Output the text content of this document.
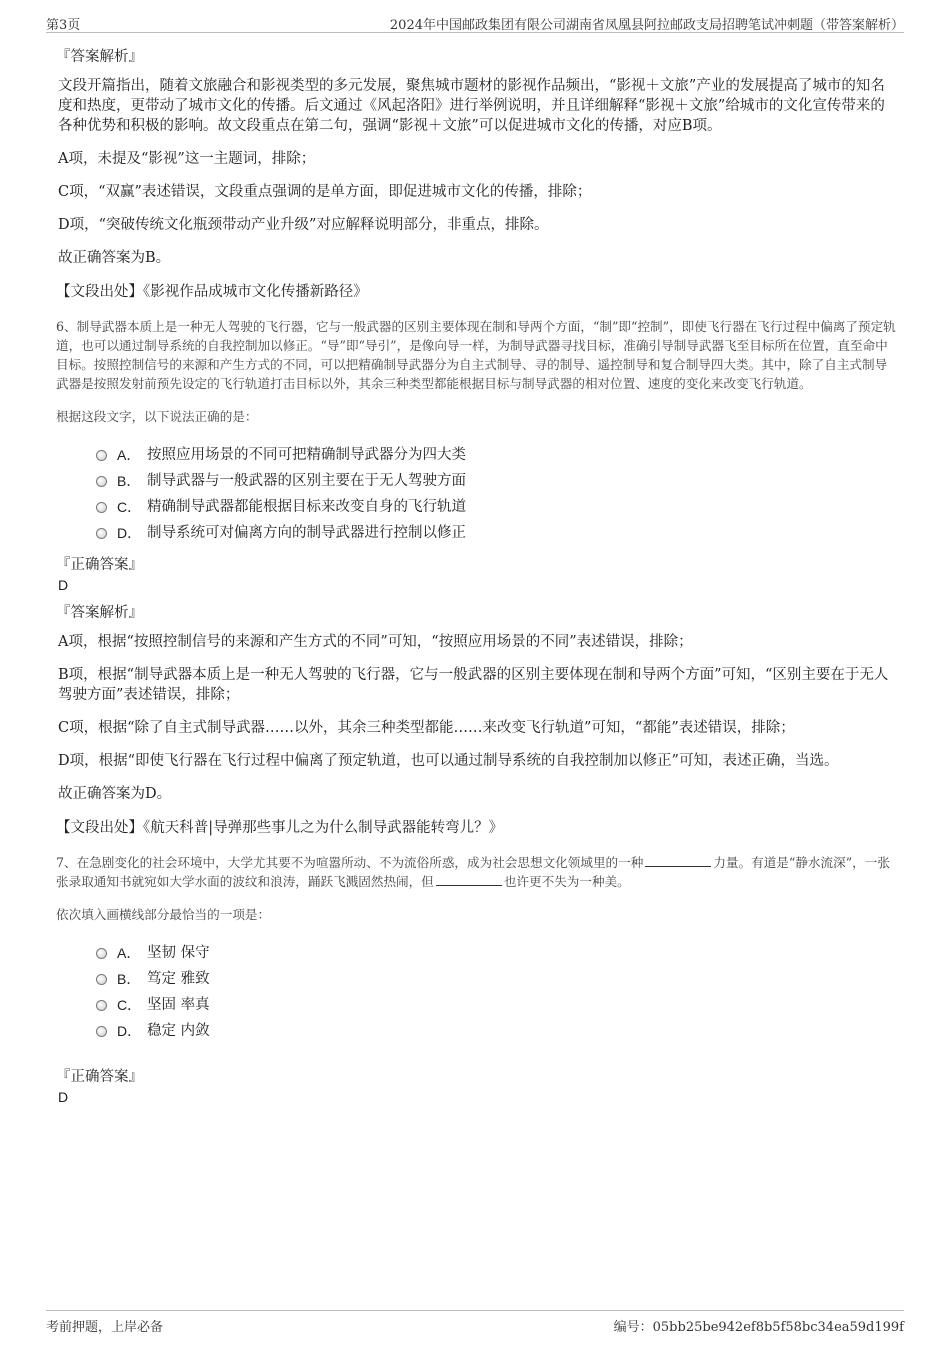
第3页	2024年中国邮政集团有限公司湖南省凤凰县阿拉邮政支局招聘笔试冲刺题（带答案解析）
『答案解析』

文段开篇指出，随着文旅融合和影视类型的多元发展，聚焦城市题材的影视作品频出，“影视＋文旅”产业的发展提高了城市的知名度和热度，更带动了城市文化的传播。后文通过《风起洛阳》进行举例说明，并且详细解释“影视＋文旅”给城市的文化宣传带来的各种优势和积极的影响。故文段重点在第二句，强调“影视＋文旅”可以促进城市文化的传播，对应B项。

A项，未提及“影视”这一主题词，排除；

C项，“双赢”表述错误，文段重点强调的是单方面，即促进城市文化的传播，排除；

D项，“突破传统文化瓶颈带动产业升级”对应解释说明部分，非重点，排除。

故正确答案为B。

【文段出处】《影视作品成城市文化传播新路径》
6、制导武器本质上是一种无人驾驶的飞行器，它与一般武器的区别主要体现在制和导两个方面，“制”即“控制”，即使飞行器在飞行过程中偏离了预定轨道，也可以通过制导系统的自我控制加以修正。“导”即“导引”，是像向导一样，为制导武器寻找目标，准确引导制导武器飞至目标所在位置，直至命中目标。按照控制信号的来源和产生方式的不同，可以把精确制导武器分为自主式制导、寻的制导、遥控制导和复合制导四大类。其中，除了自主式制导武器是按照发射前预先设定的飞行轨道打击目标以外，其余三种类型都能根据目标与制导武器的相对位置、速度的变化来改变飞行轨道。
根据这段文字，以下说法正确的是：
A． 按照应用场景的不同可把精确制导武器分为四大类
B． 制导武器与一般武器的区别主要在于无人驾驶方面
C． 精确制导武器都能根据目标来改变自身的飞行轨道
D． 制导系统可对偏离方向的制导武器进行控制以修正
『正确答案』
D
『答案解析』

A项，根据“按照控制信号的来源和产生方式的不同”可知，“按照应用场景的不同”表述错误，排除；

B项，根据“制导武器本质上是一种无人驾驶的飞行器，它与一般武器的区别主要体现在制和导两个方面”可知，“区别主要在于无人驾驶方面”表述错误，排除；

C项，根据“除了自主式制导武器……以外，其余三种类型都能……来改变飞行轨道”可知，“都能”表述错误，排除；

D项，根据“即使飞行器在飞行过程中偏离了预定轨道，也可以通过制导系统的自我控制加以修正”可知，表述正确，当选。

故正确答案为D。

【文段出处】《航天科普|导弹那些事儿之为什么制导武器能转弯儿？》
7、在急剧变化的社会环境中，大学尤其要不为喧嚣所动、不为流俗所惑，成为社会思想文化领域里的一种	力量。有道是“静水流深”，一张张录取通知书就宛如大学水面的波纹和浪涛，踊跃飞溅固然热闹，但	也许更不失为一种美。
依次填入画横线部分最恰当的一项是：
A． 坚韧 保守
B． 笃定 雅致
C． 坚固 率真
D． 稳定 内敛
『正确答案』
D
考前押题，上岸必备	编号：05bb25be942ef8b5f58bc34ea59d199f
